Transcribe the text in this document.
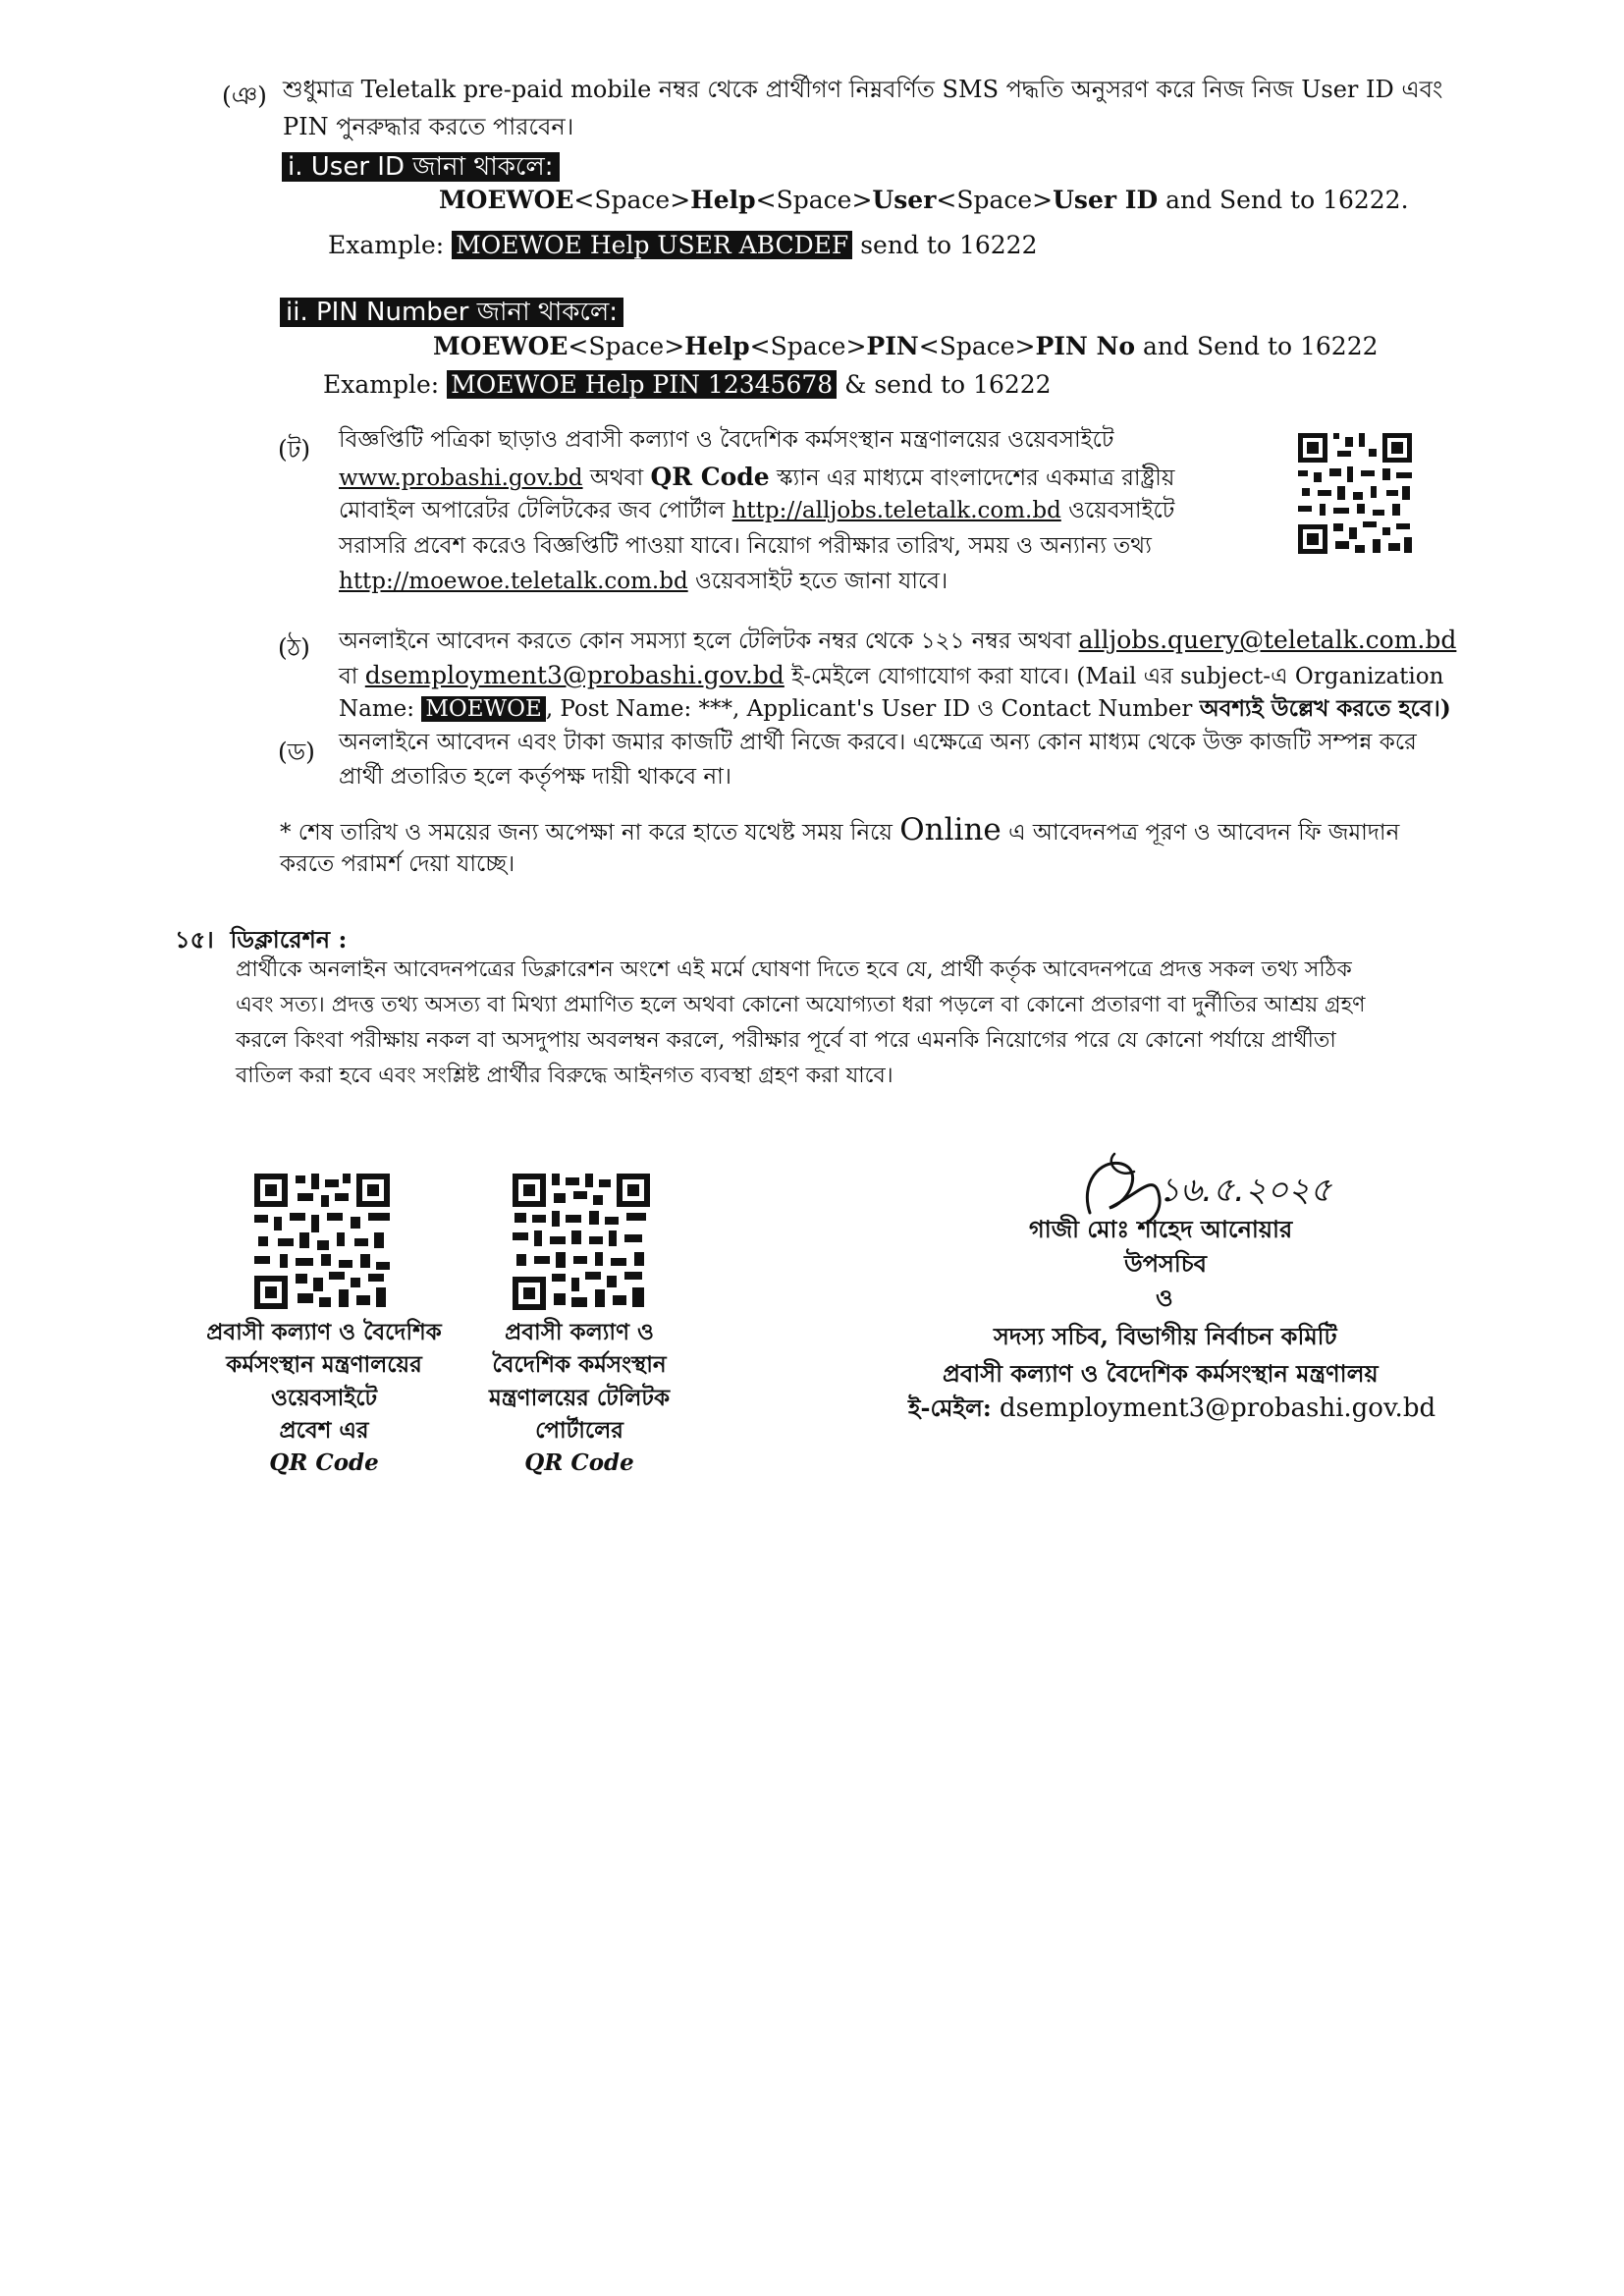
(ঞ) শুধুমাত্র Teletalk pre-paid mobile নম্বর থেকে প্রার্থীগণ নিম্নবর্ণিত SMS পদ্ধতি অনুসরণ করে নিজ নিজ User ID এবং
PIN পুনরুদ্ধার করতে পারবেন।
i. User ID জানা থাকলে:
MOEWOE<Space>Help<Space>User<Space>User ID and Send to 16222.
Example: MOEWOE Help USER ABCDEF send to 16222
ii. PIN Number জানা থাকলে:
MOEWOE<Space>Help<Space>PIN<Space>PIN No and Send to 16222
Example: MOEWOE Help PIN 12345678 & send to 16222
(ট) বিজ্ঞপ্তিটি পত্রিকা ছাড়াও প্রবাসী কল্যাণ ও বৈদেশিক কর্মসংস্থান মন্ত্রণালয়ের ওয়েবসাইটে
www.probashi.gov.bd অথবা QR Code স্ক্যান এর মাধ্যমে বাংলাদেশের একমাত্র রাষ্ট্রীয়
মোবাইল অপারেটর টেলিটকের জব পোর্টাল http://alljobs.teletalk.com.bd ওয়েবসাইটে
সরাসরি প্রবেশ করেও বিজ্ঞপ্তিটি পাওয়া যাবে। নিয়োগ পরীক্ষার তারিখ, সময় ও অন্যান্য তথ্য
http://moewoe.teletalk.com.bd ওয়েবসাইট হতে জানা যাবে।
(ঠ) অনলাইনে আবেদন করতে কোন সমস্যা হলে টেলিটক নম্বর থেকে ১২১ নম্বর অথবা alljobs.query@teletalk.com.bd
বা dsemployment3@probashi.gov.bd ই-মেইলে যোগাযোগ করা যাবে। (Mail এর subject-এ Organization
Name: MOEWOE , Post Name: ***, Applicant's User ID ও Contact Number অবশ্যই উল্লেখ করতে হবে।)
(ড) অনলাইনে আবেদন এবং টাকা জমার কাজটি প্রার্থী নিজে করবে। এক্ষেত্রে অন্য কোন মাধ্যম থেকে উক্ত কাজটি সম্পন্ন করে
প্রার্থী প্রতারিত হলে কর্তৃপক্ষ দায়ী থাকবে না।
* শেষ তারিখ ও সময়ের জন্য অপেক্ষা না করে হাতে যথেষ্ট সময় নিয়ে Online এ আবেদনপত্র পূরণ ও আবেদন ফি জমাদান
করতে পরামর্শ দেয়া যাচ্ছে।
১৫। ডিক্লারেশন :
প্রার্থীকে অনলাইন আবেদনপত্রের ডিক্লারেশন অংশে এই মর্মে ঘোষণা দিতে হবে যে, প্রার্থী কর্তৃক আবেদনপত্রে প্রদত্ত সকল তথ্য সঠিক
এবং সত্য। প্রদত্ত তথ্য অসত্য বা মিথ্যা প্রমাণিত হলে অথবা কোনো অযোগ্যতা ধরা পড়লে বা কোনো প্রতারণা বা দুর্নীতির আশ্রয় গ্রহণ
করলে কিংবা পরীক্ষায় নকল বা অসদুপায় অবলম্বন করলে, পরীক্ষার পূর্বে বা পরে এমনকি নিয়োগের পরে যে কোনো পর্যায়ে প্রার্থীতা
বাতিল করা হবে এবং সংশ্লিষ্ট প্রার্থীর বিরুদ্ধে আইনগত ব্যবস্থা গ্রহণ করা যাবে।
প্রবাসী কল্যাণ ও বৈদেশিক
কর্মসংস্থান মন্ত্রণালয়ের
ওয়েবসাইটে
প্রবেশ এর
QR Code
প্রবাসী কল্যাণ ও
বৈদেশিক কর্মসংস্থান
মন্ত্রণালয়ের টেলিটক
পোর্টালের
QR Code
১৬.৫.২০২৫
গাজী মোঃ শাহেদ আনোয়ার
উপসচিব
ও
সদস্য সচিব, বিভাগীয় নির্বাচন কমিটি
প্রবাসী কল্যাণ ও বৈদেশিক কর্মসংস্থান মন্ত্রণালয়
ই-মেইল: dsemployment3@probashi.gov.bd
